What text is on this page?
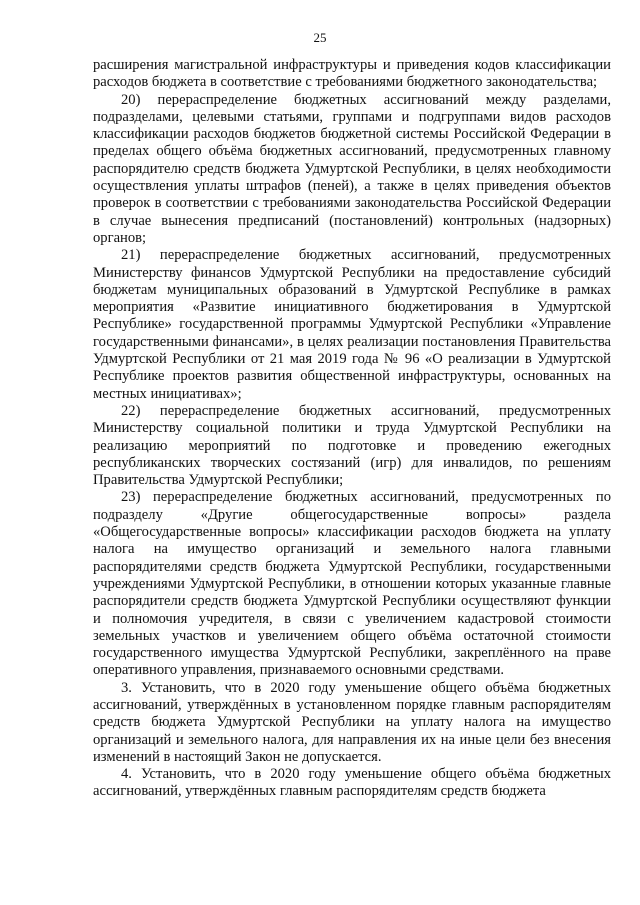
25

расширения магистральной инфраструктуры и приведения кодов классификации расходов бюджета в соответствие с требованиями бюджетного законодательства;

20) перераспределение бюджетных ассигнований между разделами, подразделами, целевыми статьями, группами и подгруппами видов расходов классификации расходов бюджетов бюджетной системы Российской Федерации в пределах общего объёма бюджетных ассигнований, предусмотренных главному распорядителю средств бюджета Удмуртской Республики, в целях необходимости осуществления уплаты штрафов (пеней), а также в целях приведения объектов проверок в соответствии с требованиями законодательства Российской Федерации в случае вынесения предписаний (постановлений) контрольных (надзорных) органов;

21) перераспределение бюджетных ассигнований, предусмотренных Министерству финансов Удмуртской Республики на предоставление субсидий бюджетам муниципальных образований в Удмуртской Республике в рамках мероприятия «Развитие инициативного бюджетирования в Удмуртской Республике» государственной программы Удмуртской Республики «Управление государственными финансами», в целях реализации постановления Правительства Удмуртской Республики от 21 мая 2019 года № 96 «О реализации в Удмуртской Республике проектов развития общественной инфраструктуры, основанных на местных инициативах»;

22) перераспределение бюджетных ассигнований, предусмотренных Министерству социальной политики и труда Удмуртской Республики на реализацию мероприятий по подготовке и проведению ежегодных республиканских творческих состязаний (игр) для инвалидов, по решениям Правительства Удмуртской Республики;

23) перераспределение бюджетных ассигнований, предусмотренных по подразделу «Другие общегосударственные вопросы» раздела «Общегосударственные вопросы» классификации расходов бюджета на уплату налога на имущество организаций и земельного налога главными распорядителями средств бюджета Удмуртской Республики, государственными учреждениями Удмуртской Республики, в отношении которых указанные главные распорядители средств бюджета Удмуртской Республики осуществляют функции и полномочия учредителя, в связи с увеличением кадастровой стоимости земельных участков и увеличением общего объёма остаточной стоимости государственного имущества Удмуртской Республики, закреплённого на праве оперативного управления, признаваемого основными средствами.

3. Установить, что в 2020 году уменьшение общего объёма бюджетных ассигнований, утверждённых в установленном порядке главным распорядителям средств бюджета Удмуртской Республики на уплату налога на имущество организаций и земельного налога, для направления их на иные цели без внесения изменений в настоящий Закон не допускается.

4. Установить, что в 2020 году уменьшение общего объёма бюджетных ассигнований, утверждённых главным распорядителям средств бюджета
